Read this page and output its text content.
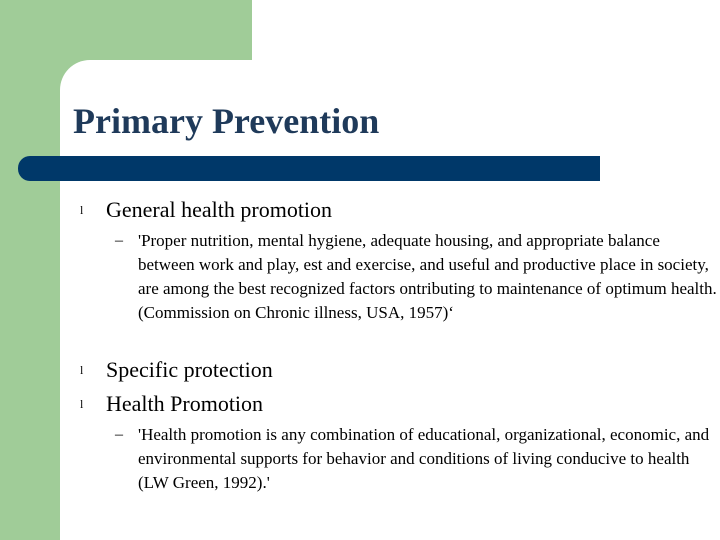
Primary Prevention
l General health promotion
– 'Proper nutrition, mental hygiene, adequate housing, and appropriate balance between work and play, est and exercise, and useful and productive place in society, are among the best recognized factors ontributing to maintenance of optimum health.(Commission on Chronic illness, USA, 1957)‘
l Specific protection
l Health Promotion
– 'Health promotion is any combination of educational, organizational, economic, and environmental supports for behavior and conditions of living conducive to health (LW Green, 1992).'
